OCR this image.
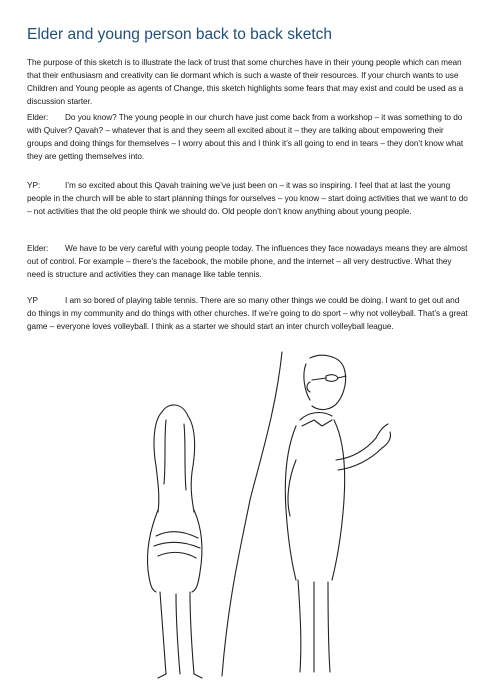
Elder and young person back to back sketch

The purpose of this sketch is to illustrate the lack of trust that some churches have in their young people which can mean that their enthusiasm and creativity can lie dormant which is such a waste of their resources. If your church wants to use Children and Young people as agents of Change, this sketch highlights some fears that may exist and could be used as a discussion starter.

Elder: Do you know? The young people in our church have just come back from a workshop – it was something to do with Quiver? Qavah? – whatever that is and they seem all excited about it – they are talking about empowering their groups and doing things for themselves – I worry about this and I think it’s all going to end in tears – they don’t know what they are getting themselves into.

YP:	I’m so excited about this Qavah training we’ve just been on – it was so inspiring. I feel that at last the young people in the church will be able to start planning things for ourselves – you know – start doing activities that we want to do – not activities that the old people think we should do. Old people don’t know anything about young people.

Elder: We have to be very careful with young people today. The influences they face nowadays means they are almost out of control. For example – there’s the facebook, the mobile phone, and the internet – all very destructive. What they need is structure and activities they can manage like table tennis.

YP	I am so bored of playing table tennis. There are so many other things we could be doing. I want to get out and do things in my community and do things with other churches. If we’re going to do sport – why not volleyball. That’s a great game – everyone loves volleyball. I think as a starter we should start an inter church volleyball league.
